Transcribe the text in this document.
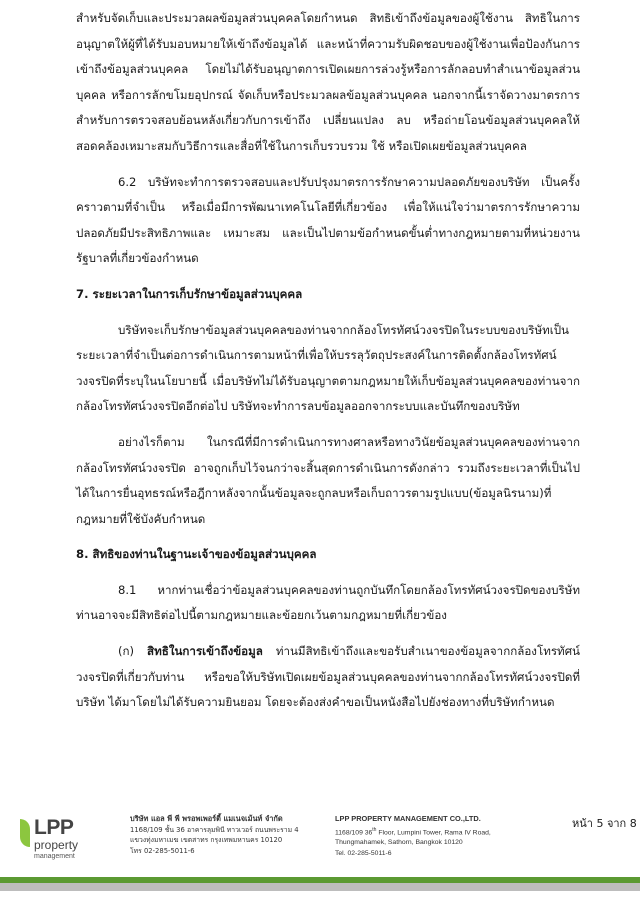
สำหรับจัดเก็บและประมวลผลข้อมูลส่วนบุคคลโดยกำหนด สิทธิเข้าถึงข้อมูลของผู้ใช้งาน สิทธิในการอนุญาตให้ผู้ที่ได้รับมอบหมายให้เข้าถึงข้อมูลได้ และหน้าที่ความรับผิดชอบของผู้ใช้งานเพื่อป้องกันการเข้าถึงข้อมูลส่วนบุคคล โดยไม่ได้รับอนุญาตการเปิดเผยการล่วงรู้หรือการลักลอบทำสำเนาข้อมูลส่วนบุคคล หรือการลักขโมยอุปกรณ์ จัดเก็บหรือประมวลผลข้อมูลส่วนบุคคล นอกจากนี้เราจัดวางมาตรการสำหรับการตรวจสอบย้อนหลังเกี่ยวกับการเข้าถึง เปลี่ยนแปลง ลบ หรือถ่ายโอนข้อมูลส่วนบุคคลให้สอดคล้องเหมาะสมกับวิธีการและสื่อที่ใช้ในการเก็บรวบรวม ใช้ หรือเปิดเผยข้อมูลส่วนบุคคล

6.2 บริษัทจะทำการตรวจสอบและปรับปรุงมาตรการรักษาความปลอดภัยของบริษัท เป็นครั้งคราวตามที่จำเป็น หรือเมื่อมีการพัฒนาเทคโนโลยีที่เกี่ยวข้อง เพื่อให้แน่ใจว่ามาตรการรักษาความปลอดภัยมีประสิทธิภาพและ เหมาะสม และเป็นไปตามข้อกำหนดขั้นต่ำทางกฎหมายตามที่หน่วยงานรัฐบาลที่เกี่ยวข้องกำหนด

7. ระยะเวลาในการเก็บรักษาข้อมูลส่วนบุคคล

บริษัทจะเก็บรักษาข้อมูลส่วนบุคคลของท่านจากกล้องโทรทัศน์วงจรปิดในระบบของบริษัทเป็นระยะเวลาที่จำเป็นต่อการดำเนินการตามหน้าที่เพื่อให้บรรลุวัตถุประสงค์ในการติดตั้งกล้องโทรทัศน์วงจรปิดที่ระบุในนโยบายนี้ เมื่อบริษัทไม่ได้รับอนุญาตตามกฎหมายให้เก็บข้อมูลส่วนบุคคลของท่านจากกล้องโทรทัศน์วงจรปิดอีกต่อไป บริษัทจะทำการลบข้อมูลออกจากระบบและบันทึกของบริษัท

อย่างไรก็ตาม ในกรณีที่มีการดำเนินการทางศาลหรือทางวินัยข้อมูลส่วนบุคคลของท่านจากกล้องโทรทัศน์วงจรปิด อาจถูกเก็บไว้จนกว่าจะสิ้นสุดการดำเนินการดังกล่าว รวมถึงระยะเวลาที่เป็นไปได้ในการยื่นอุทธรณ์หรือฎีกาหลังจากนั้นข้อมูลจะถูกลบหรือเก็บถาวรตามรูปแบบ(ข้อมูลนิรนาม)ที่กฎหมายที่ใช้บังคับกำหนด

8. สิทธิของท่านในฐานะเจ้าของข้อมูลส่วนบุคคล

8.1 หากท่านเชื่อว่าข้อมูลส่วนบุคคลของท่านถูกบันทึกโดยกล้องโทรทัศน์วงจรปิดของบริษัท ท่านอาจจะมีสิทธิต่อไปนี้ตามกฎหมายและข้อยกเว้นตามกฎหมายที่เกี่ยวข้อง

(ก) สิทธิในการเข้าถึงข้อมูล ท่านมีสิทธิเข้าถึงและขอรับสำเนาของข้อมูลจากกล้องโทรทัศน์วงจรปิดที่เกี่ยวกับท่าน หรือขอให้บริษัทเปิดเผยข้อมูลส่วนบุคคลของท่านจากกล้องโทรทัศน์วงจรปิดที่บริษัท ได้มาโดยไม่ได้รับความยินยอม โดยจะต้องส่งคำขอเป็นหนังสือไปยังช่องทางที่บริษัทกำหนด

LPP
property
management
บริษัท แอล พี พี พรอพเพอร์ตี้ แมเนจเม้นท์ จำกัด
1168/109 ชั้น 36 อาคารลุมพินี ทาวเวอร์ ถนนพระราม 4
แขวงทุ่งมหาเมฆ เขตสาทร กรุงเทพมหานคร 10120
โทร 02-285-5011-6
LPP PROPERTY MANAGEMENT CO.,LTD.
1168/109 36th Floor, Lumpini Tower, Rama IV Road,
Thungmahamek, Sathorn, Bangkok 10120
Tel. 02-285-5011-6
หน้า 5 จาก 8
